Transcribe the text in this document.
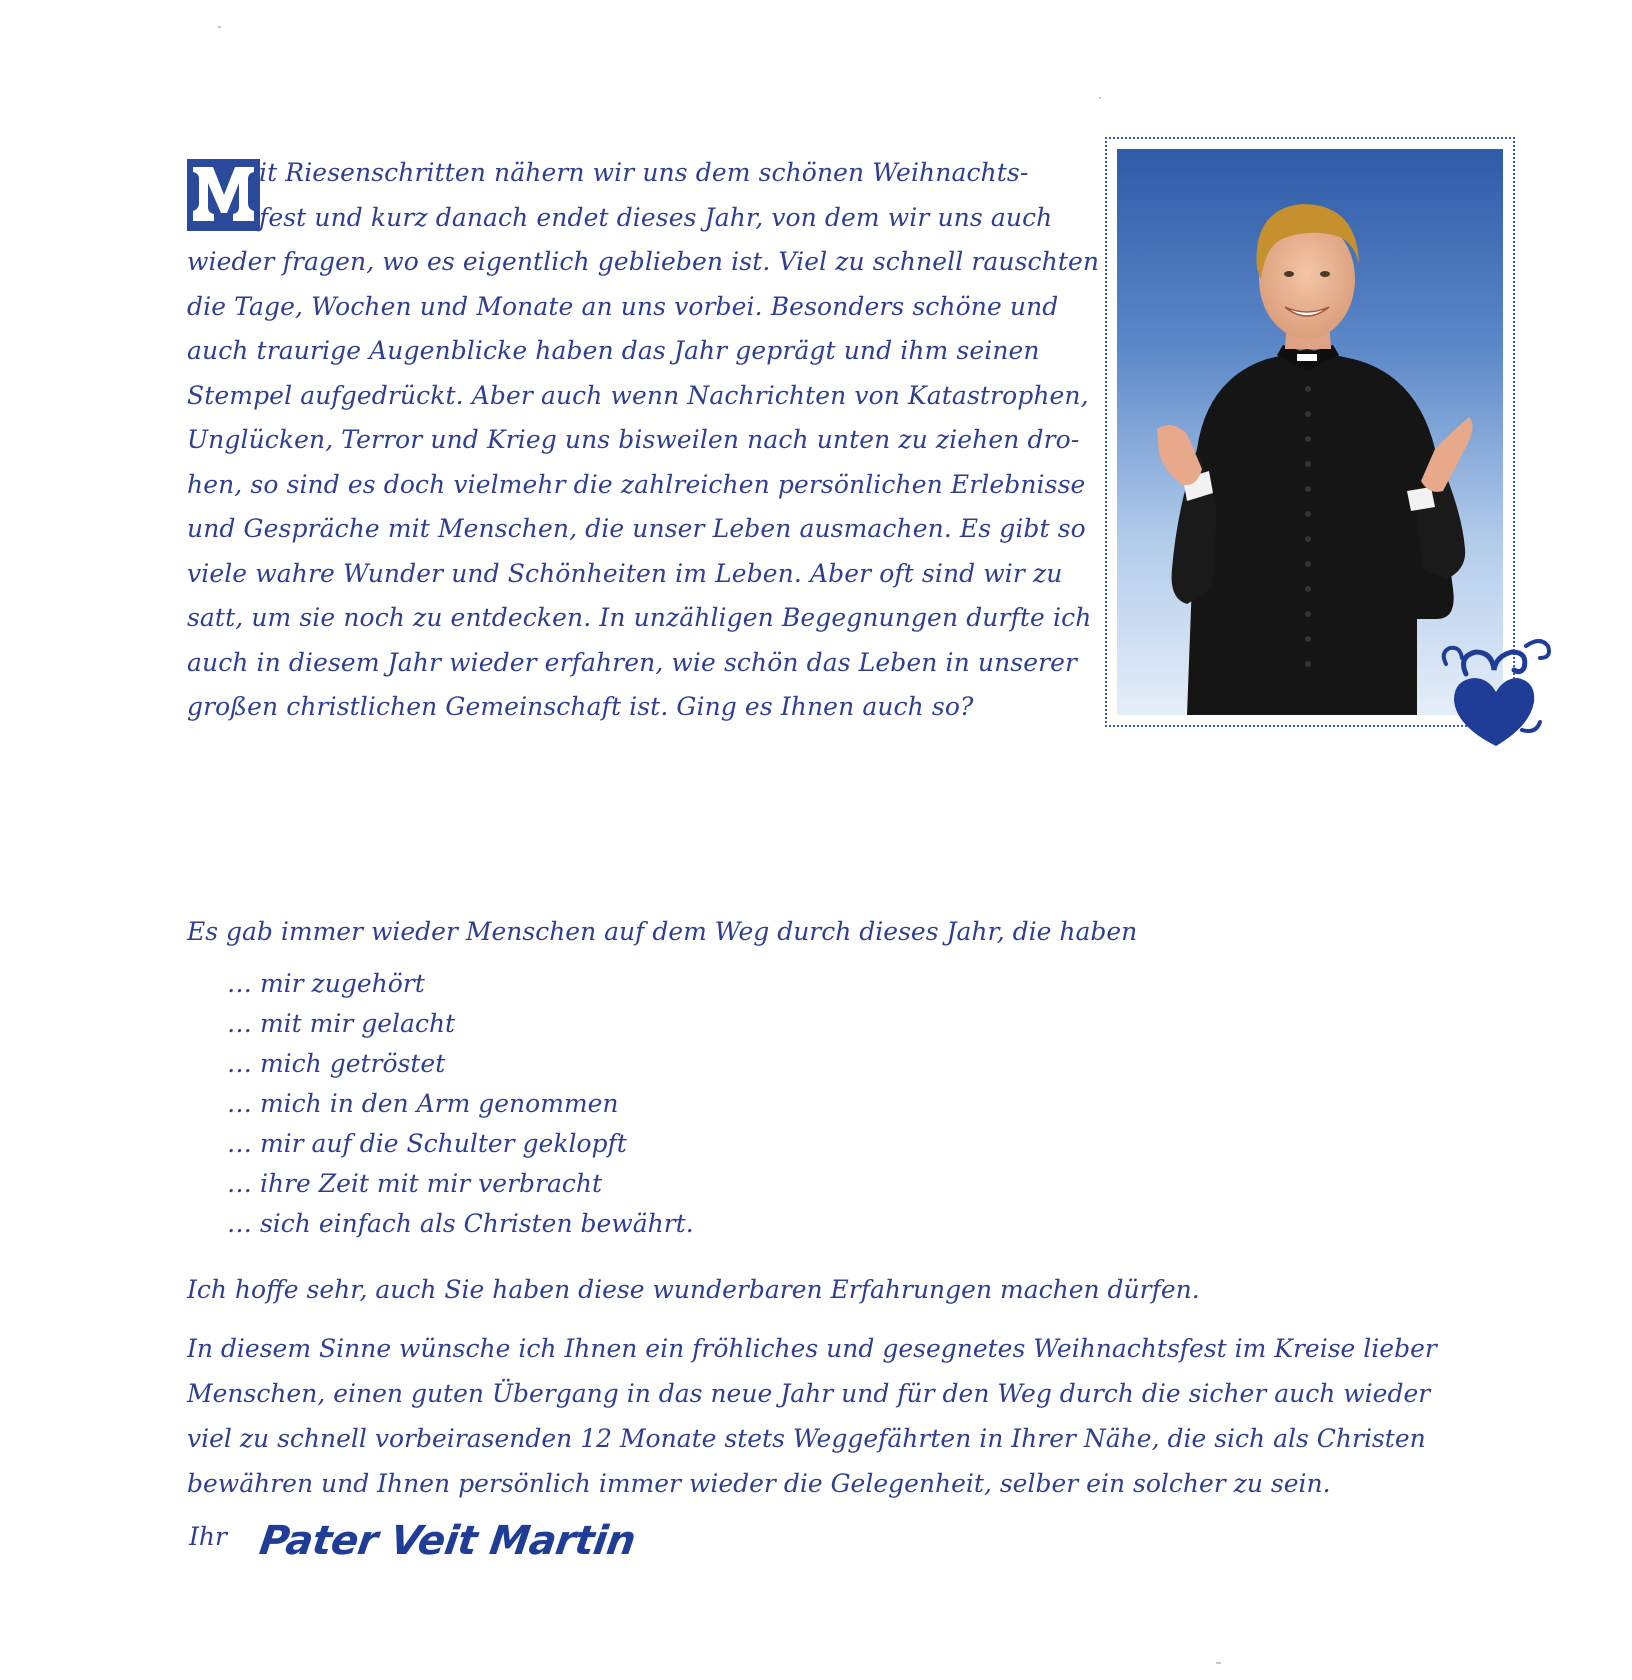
it Riesenschritten nähern wir uns dem schönen Weihnachts-
fest und kurz danach endet dieses Jahr, von dem wir uns auch
wieder fragen, wo es eigentlich geblieben ist. Viel zu schnell rauschten
die Tage, Wochen und Monate an uns vorbei. Besonders schöne und
auch traurige Augenblicke haben das Jahr geprägt und ihm seinen
Stempel aufgedrückt. Aber auch wenn Nachrichten von Katastrophen,
Unglücken, Terror und Krieg uns bisweilen nach unten zu ziehen dro-
hen, so sind es doch vielmehr die zahlreichen persönlichen Erlebnisse
und Gespräche mit Menschen, die unser Leben ausmachen. Es gibt so
viele wahre Wunder und Schönheiten im Leben. Aber oft sind wir zu
satt, um sie noch zu entdecken. In unzähligen Begegnungen durfte ich
auch in diesem Jahr wieder erfahren, wie schön das Leben in unserer
großen christlichen Gemeinschaft ist. Ging es Ihnen auch so?
Es gab immer wieder Menschen auf dem Weg durch dieses Jahr, die haben
… mir zugehört
… mit mir gelacht
… mich getröstet
… mich in den Arm genommen
… mir auf die Schulter geklopft
… ihre Zeit mit mir verbracht
… sich einfach als Christen bewährt.
Ich hoffe sehr, auch Sie haben diese wunderbaren Erfahrungen machen dürfen.
In diesem Sinne wünsche ich Ihnen ein fröhliches und gesegnetes Weihnachtsfest im Kreise lieber
Menschen, einen guten Übergang in das neue Jahr und für den Weg durch die sicher auch wieder
viel zu schnell vorbeirasenden 12 Monate stets Weggefährten in Ihrer Nähe, die sich als Christen
bewähren und Ihnen persönlich immer wieder die Gelegenheit, selber ein solcher zu sein.
Ihr Pater Veit Martin
